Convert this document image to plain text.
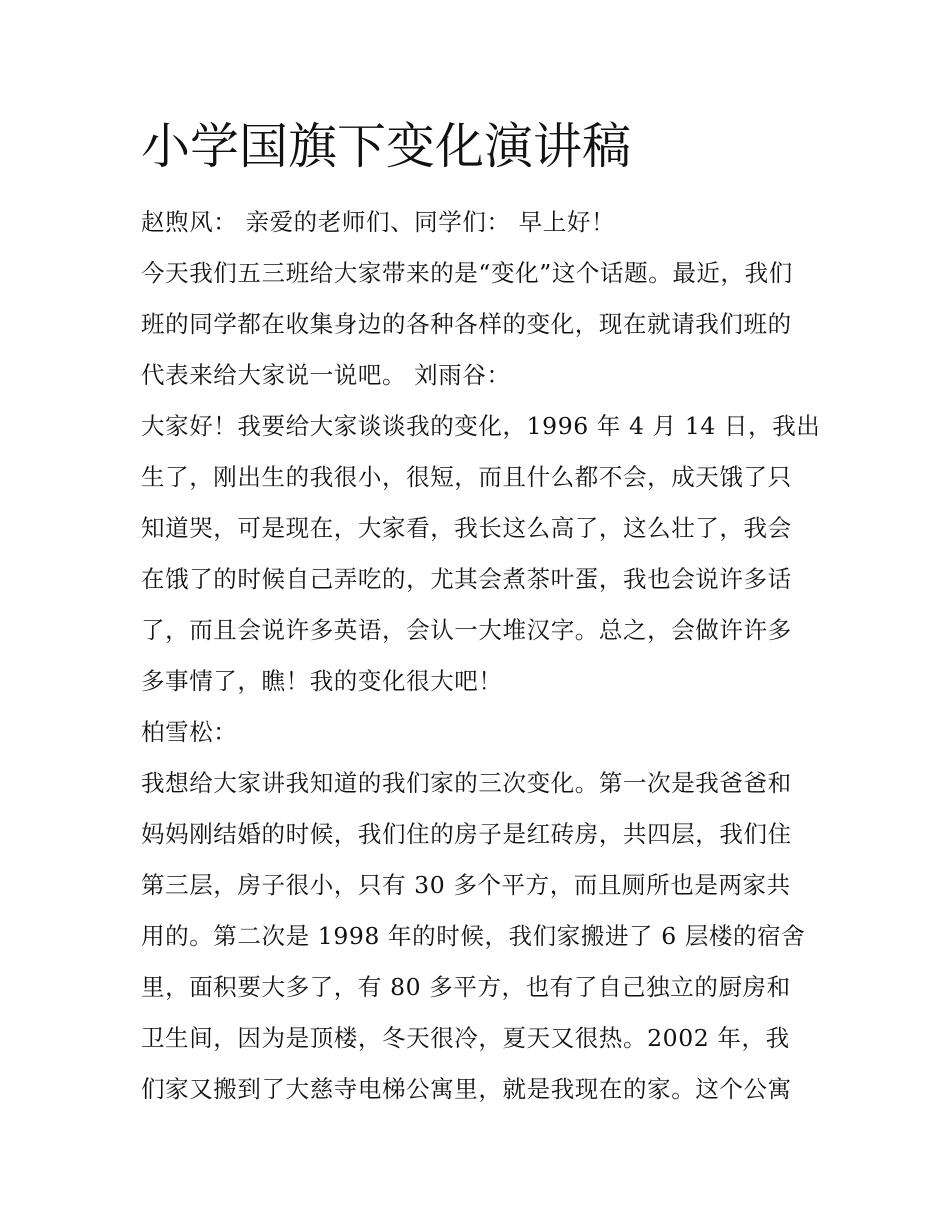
小学国旗下变化演讲稿
赵煦风： 亲爱的老师们、同学们： 早上好！
今天我们五三班给大家带来的是“变化”这个话题。最近，我们
班的同学都在收集身边的各种各样的变化，现在就请我们班的
代表来给大家说一说吧。 刘雨谷：
大家好！我要给大家谈谈我的变化，1996 年 4 月 14 日，我出
生了，刚出生的我很小，很短，而且什么都不会，成天饿了只
知道哭，可是现在，大家看，我长这么高了，这么壮了，我会
在饿了的时候自己弄吃的，尤其会煮茶叶蛋，我也会说许多话
了，而且会说许多英语，会认一大堆汉字。总之，会做许许多
多事情了，瞧！我的变化很大吧！
柏雪松：
我想给大家讲我知道的我们家的三次变化。第一次是我爸爸和
妈妈刚结婚的时候，我们住的房子是红砖房，共四层，我们住
第三层，房子很小，只有 30 多个平方，而且厕所也是两家共
用的。第二次是 1998 年的时候，我们家搬进了 6 层楼的宿舍
里，面积要大多了，有 80 多平方，也有了自己独立的厨房和
卫生间，因为是顶楼，冬天很冷，夏天又很热。2002 年，我
们家又搬到了大慈寺电梯公寓里，就是我现在的家。这个公寓
